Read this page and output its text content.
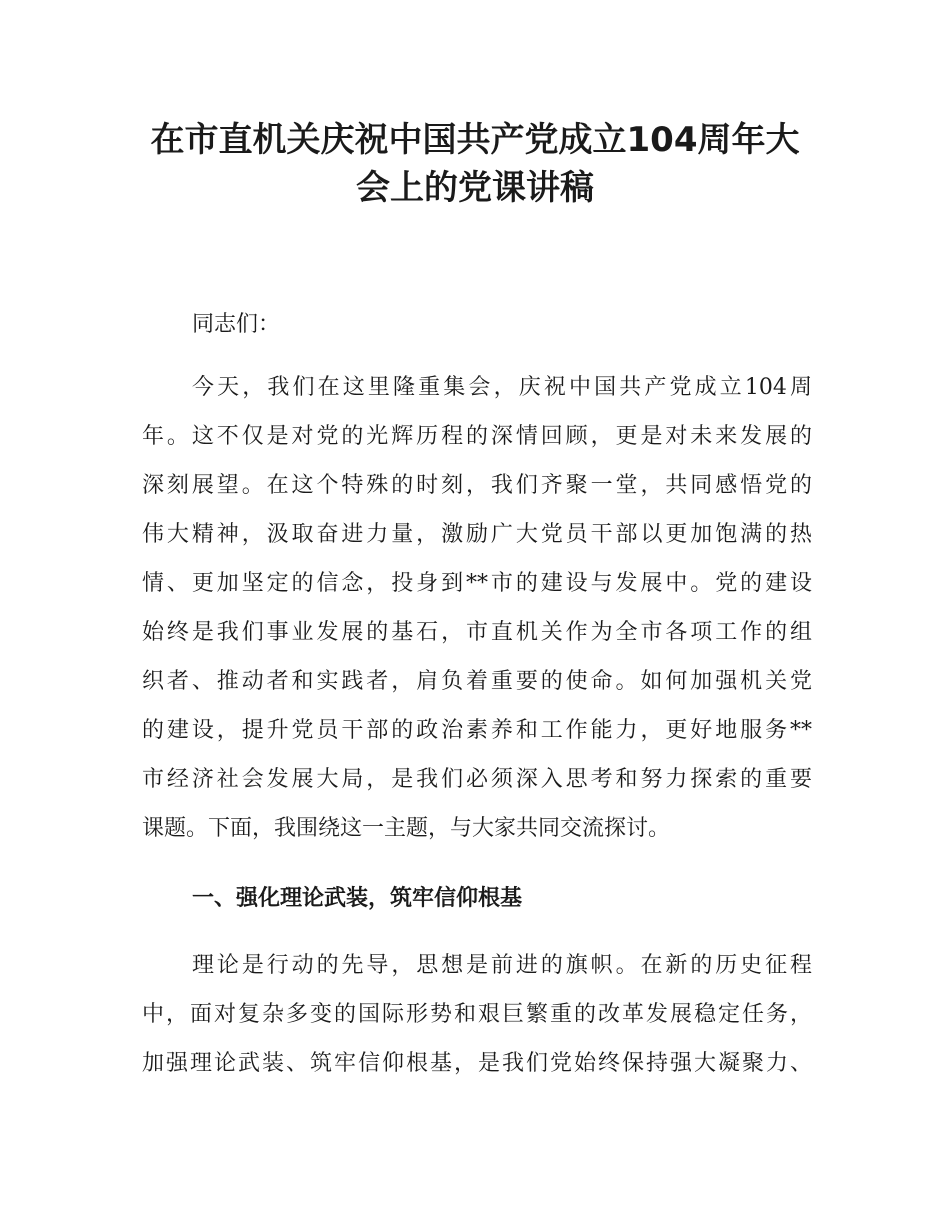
在市直机关庆祝中国共产党成立104周年大
会上的党课讲稿

同志们：

今天，我们在这里隆重集会，庆祝中国共产党成立104周

年。这不仅是对党的光辉历程的深情回顾，更是对未来发展的

深刻展望。在这个特殊的时刻，我们齐聚一堂，共同感悟党的

伟大精神，汲取奋进力量，激励广大党员干部以更加饱满的热

情、更加坚定的信念，投身到**市的建设与发展中。党的建设

始终是我们事业发展的基石，市直机关作为全市各项工作的组

织者、推动者和实践者，肩负着重要的使命。如何加强机关党

的建设，提升党员干部的政治素养和工作能力，更好地服务**

市经济社会发展大局，是我们必须深入思考和努力探索的重要

课题。下面，我围绕这一主题，与大家共同交流探讨。

一、强化理论武装，筑牢信仰根基

理论是行动的先导，思想是前进的旗帜。在新的历史征程

中，面对复杂多变的国际形势和艰巨繁重的改革发展稳定任务，

加强理论武装、筑牢信仰根基，是我们党始终保持强大凝聚力、
